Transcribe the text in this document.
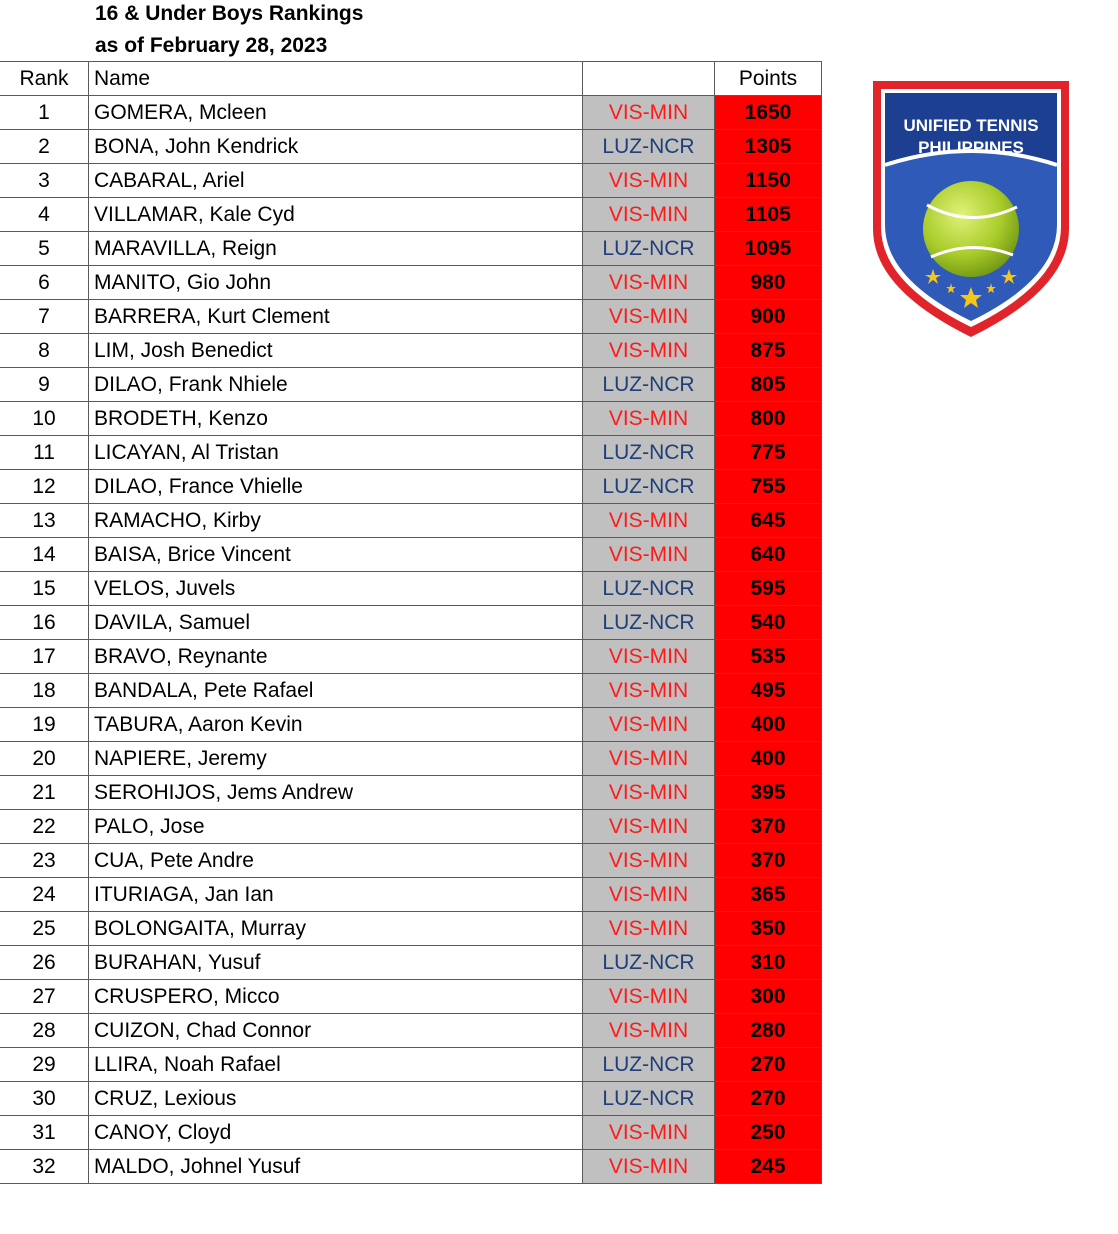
16 & Under Boys Rankings
as of February 28, 2023
Rank	Name		Points
1	GOMERA, Mcleen	VIS-MIN	1650
2	BONA, John Kendrick	LUZ-NCR	1305
3	CABARAL, Ariel	VIS-MIN	1150
4	VILLAMAR, Kale Cyd	VIS-MIN	1105
5	MARAVILLA, Reign	LUZ-NCR	1095
6	MANITO, Gio John	VIS-MIN	980
7	BARRERA, Kurt Clement	VIS-MIN	900
8	LIM, Josh Benedict	VIS-MIN	875
9	DILAO, Frank Nhiele	LUZ-NCR	805
10	BRODETH, Kenzo	VIS-MIN	800
11	LICAYAN, Al Tristan	LUZ-NCR	775
12	DILAO, France Vhielle	LUZ-NCR	755
13	RAMACHO, Kirby	VIS-MIN	645
14	BAISA, Brice Vincent	VIS-MIN	640
15	VELOS, Juvels	LUZ-NCR	595
16	DAVILA, Samuel	LUZ-NCR	540
17	BRAVO, Reynante	VIS-MIN	535
18	BANDALA, Pete Rafael	VIS-MIN	495
19	TABURA, Aaron Kevin	VIS-MIN	400
20	NAPIERE, Jeremy	VIS-MIN	400
21	SEROHIJOS, Jems Andrew	VIS-MIN	395
22	PALO, Jose	VIS-MIN	370
23	CUA, Pete Andre	VIS-MIN	370
24	ITURIAGA, Jan Ian	VIS-MIN	365
25	BOLONGAITA, Murray	VIS-MIN	350
26	BURAHAN, Yusuf	LUZ-NCR	310
27	CRUSPERO, Micco	VIS-MIN	300
28	CUIZON, Chad Connor	VIS-MIN	280
29	LLIRA, Noah Rafael	LUZ-NCR	270
30	CRUZ, Lexious	LUZ-NCR	270
31	CANOY, Cloyd	VIS-MIN	250
32	MALDO, Johnel Yusuf	VIS-MIN	245
UNIFIED TENNIS
PHILIPPINES
